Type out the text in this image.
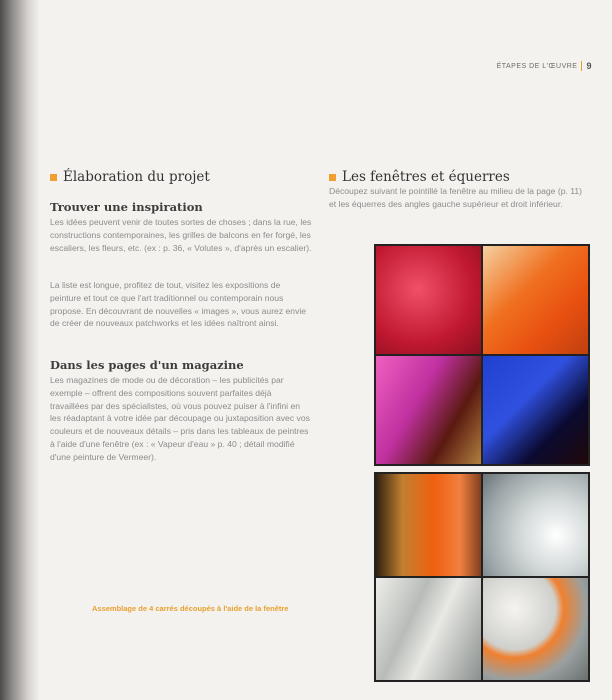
ÉTAPES DE L'ŒUVRE 9
Élaboration du projet
Trouver une inspiration

Les idées peuvent venir de toutes sortes de choses ; dans la rue, les constructions contemporaines, les grilles de balcons en fer forgé, les escaliers, les fleurs, etc. (ex : p. 36, « Volutes », d'après un escalier).

La liste est longue, profitez de tout, visitez les expositions de peinture et tout ce que l'art traditionnel ou contemporain nous propose. En découvrant de nouvelles « images », vous aurez envie de créer de nouveaux patchworks et les idées naîtront ainsi.

Dans les pages d'un magazine

Les magazines de mode ou de décoration – les publicités par exemple – offrent des compositions souvent parfaites déjà travaillées par des spécialistes, où vous pouvez puiser à l'infini en les réadaptant à votre idée par découpage ou juxtaposition avec vos couleurs et de nouveaux détails – pris dans les tableaux de peintres à l'aide d'une fenêtre (ex : « Vapeur d'eau » p. 40 ; détail modifié d'une peinture de Vermeer).

Assemblage de 4 carrés découpés à l'aide de la fenêtre
Les fenêtres et équerres

Découpez suivant le pointillé la fenêtre au milieu de la page (p. 11) et les équerres des angles gauche supérieur et droit inférieur.
